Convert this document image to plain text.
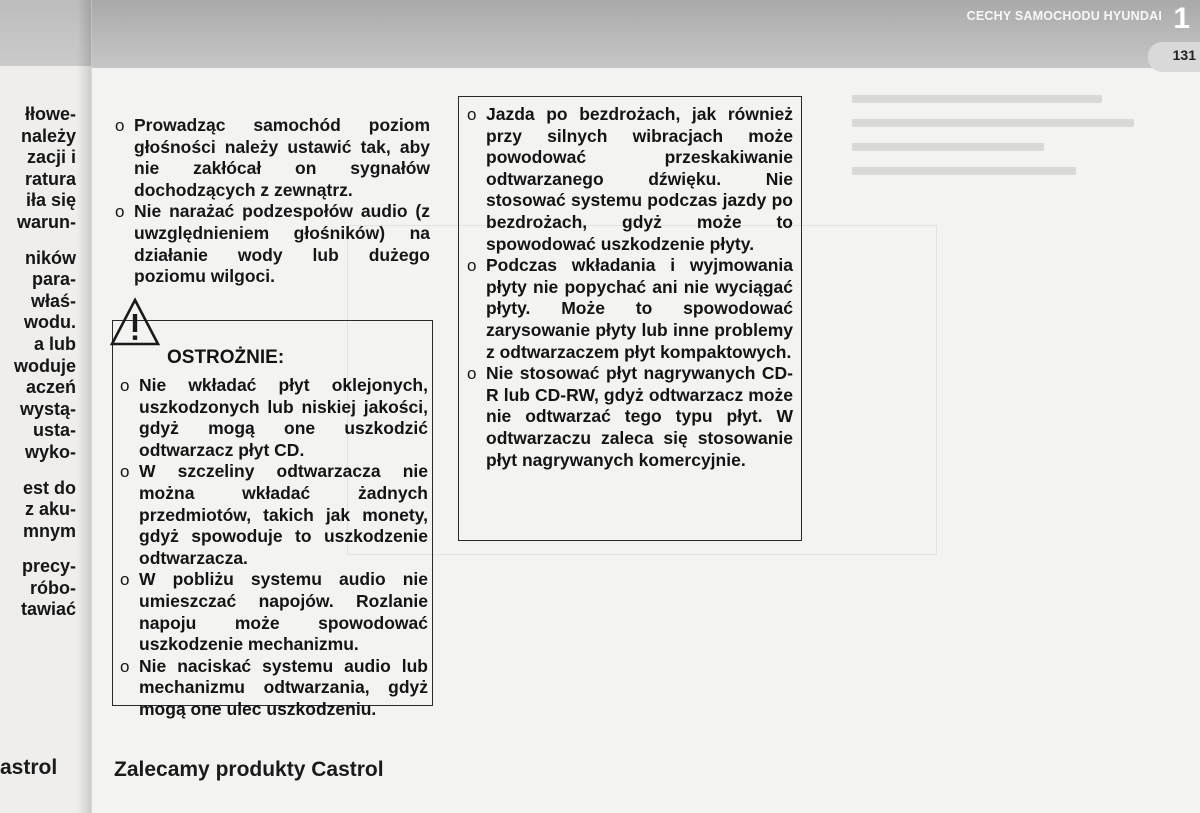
łłowe-
należy
zacji i
ratura
iła się
warun-
ników
para-
właś-
wodu.
a lub
woduje
aczeń
wystą-
usta-
wyko-
est do
z aku-
mnym
precy-
róbo-
tawiać
astrol
CECHY SAMOCHODU HYUNDAI 1
131
o Prowadząc samochód poziom głośności należy ustawić tak, aby nie zakłócał on sygnałów dochodzących z zewnątrz.
o Nie narażać podzespołów audio (z uwzględnieniem głośników) na działanie wody lub dużego poziomu wilgoci.
OSTROŻNIE:
o Nie wkładać płyt oklejonych, uszkodzonych lub niskiej jakości, gdyż mogą one uszkodzić odtwarzacz płyt CD.
o W szczeliny odtwarzacza nie można wkładać żadnych przedmiotów, takich jak monety, gdyż spowoduje to uszkodzenie odtwarzacza.
o W pobliżu systemu audio nie umieszczać napojów. Rozlanie napoju może spowodować uszkodzenie mechanizmu.
o Nie naciskać systemu audio lub mechanizmu odtwarzania, gdyż mogą one ulec uszkodzeniu.
o Jazda po bezdrożach, jak również przy silnych wibracjach może powodować przeskakiwanie odtwarzanego dźwięku. Nie stosować systemu podczas jazdy po bezdrożach, gdyż może to spowodować uszkodzenie płyty.
o Podczas wkładania i wyjmowania płyty nie popychać ani nie wyciągać płyty. Może to spowodować zarysowanie płyty lub inne problemy z odtwarzaczem płyt kompaktowych.
o Nie stosować płyt nagrywanych CD-R lub CD-RW, gdyż odtwarzacz może nie odtwarzać tego typu płyt. W odtwarzaczu zaleca się stosowanie płyt nagrywanych komercyjnie.
Zalecamy produkty Castrol
